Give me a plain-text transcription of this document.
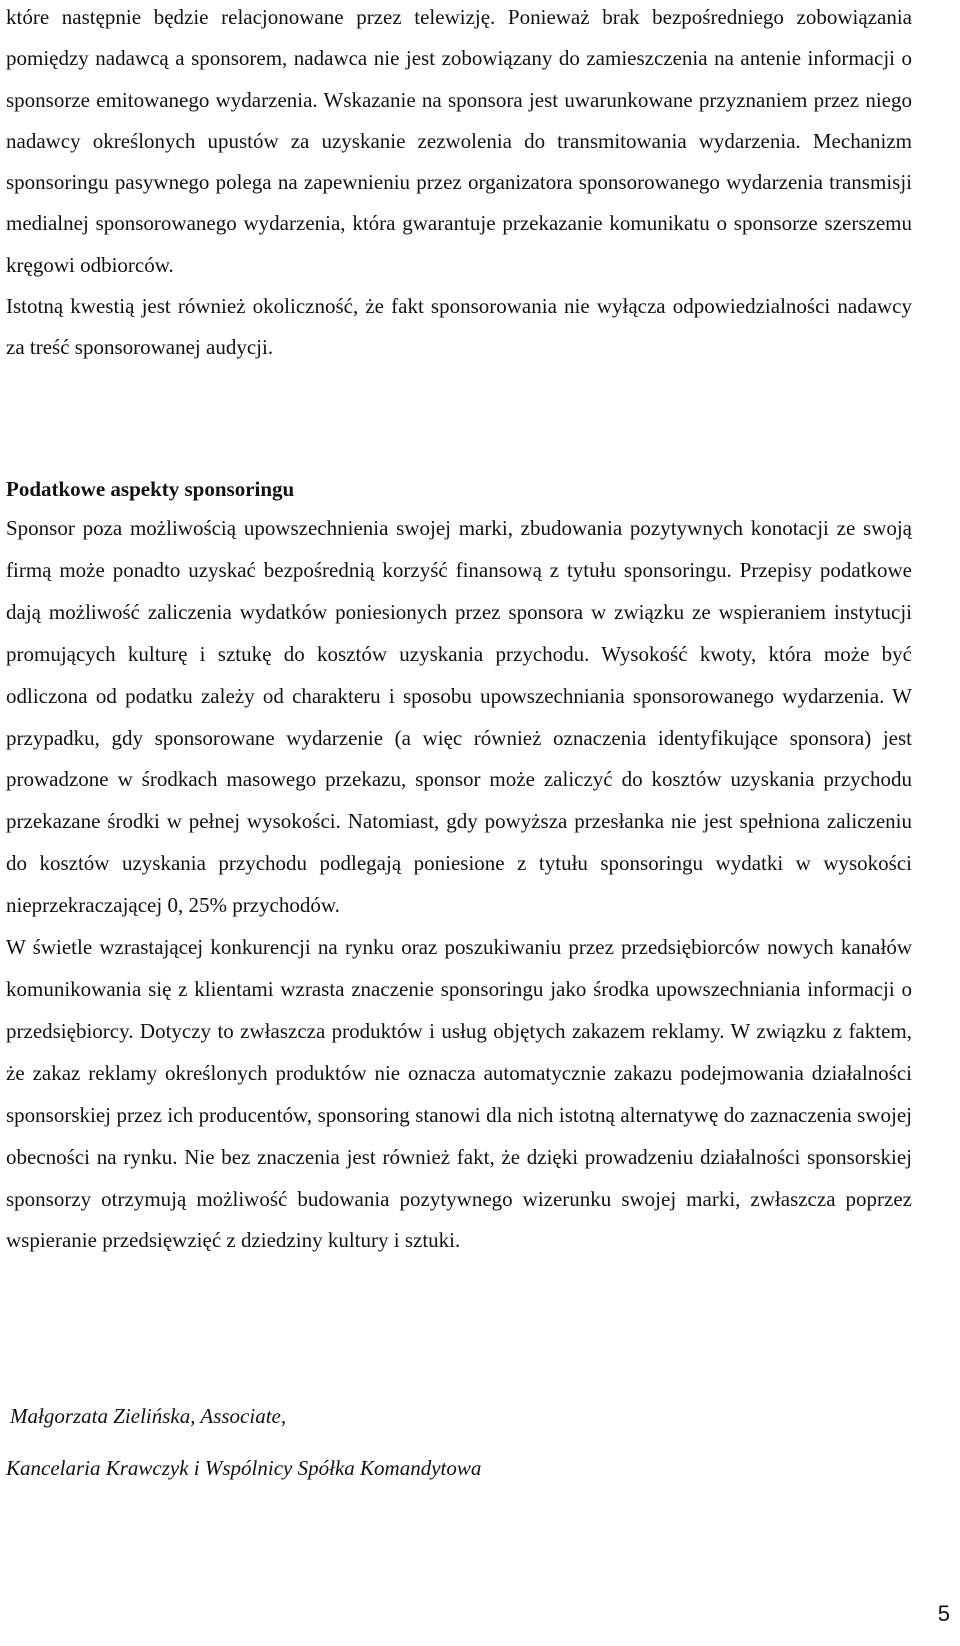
które następnie będzie relacjonowane przez telewizję. Ponieważ brak bezpośredniego zobowiązania pomiędzy nadawcą a sponsorem, nadawca nie jest zobowiązany do zamieszczenia na antenie informacji o sponsorze emitowanego wydarzenia. Wskazanie na sponsora jest uwarunkowane przyznaniem przez niego nadawcy określonych upustów za uzyskanie zezwolenia do transmitowania wydarzenia. Mechanizm sponsoringu pasywnego polega na zapewnieniu przez organizatora sponsorowanego wydarzenia transmisji medialnej sponsorowanego wydarzenia, która gwarantuje przekazanie komunikatu o sponsorze szerszemu kręgowi odbiorców.

Istotną kwestią jest również okoliczność, że fakt sponsorowania nie wyłącza odpowiedzialności nadawcy za treść sponsorowanej audycji.

Podatkowe aspekty sponsoringu

Sponsor poza możliwością upowszechnienia swojej marki, zbudowania pozytywnych konotacji ze swoją firmą może ponadto uzyskać bezpośrednią korzyść finansową z tytułu sponsoringu. Przepisy podatkowe dają możliwość zaliczenia wydatków poniesionych przez sponsora w związku ze wspieraniem instytucji promujących kulturę i sztukę do kosztów uzyskania przychodu. Wysokość kwoty, która może być odliczona od podatku zależy od charakteru i sposobu upowszechniania sponsorowanego wydarzenia. W przypadku, gdy sponsorowane wydarzenie (a więc również oznaczenia identyfikujące sponsora) jest prowadzone w środkach masowego przekazu, sponsor może zaliczyć do kosztów uzyskania przychodu przekazane środki w pełnej wysokości. Natomiast, gdy powyższa przesłanka nie jest spełniona zaliczeniu do kosztów uzyskania przychodu podlegają poniesione z tytułu sponsoringu wydatki w wysokości nieprzekraczającej 0, 25% przychodów.

W świetle wzrastającej konkurencji na rynku oraz poszukiwaniu przez przedsiębiorców nowych kanałów komunikowania się z klientami wzrasta znaczenie sponsoringu jako środka upowszechniania informacji o przedsiębiorcy. Dotyczy to zwłaszcza produktów i usług objętych zakazem reklamy. W związku z faktem, że zakaz reklamy określonych produktów nie oznacza automatycznie zakazu podejmowania działalności sponsorskiej przez ich producentów, sponsoring stanowi dla nich istotną alternatywę do zaznaczenia swojej obecności na rynku. Nie bez znaczenia jest również fakt, że dzięki prowadzeniu działalności sponsorskiej sponsorzy otrzymują możliwość budowania pozytywnego wizerunku swojej marki, zwłaszcza poprzez wspieranie przedsięwzięć z dziedziny kultury i sztuki.

Małgorzata Zielińska, Associate,

Kancelaria Krawczyk i Wspólnicy Spółka Komandytowa

5
